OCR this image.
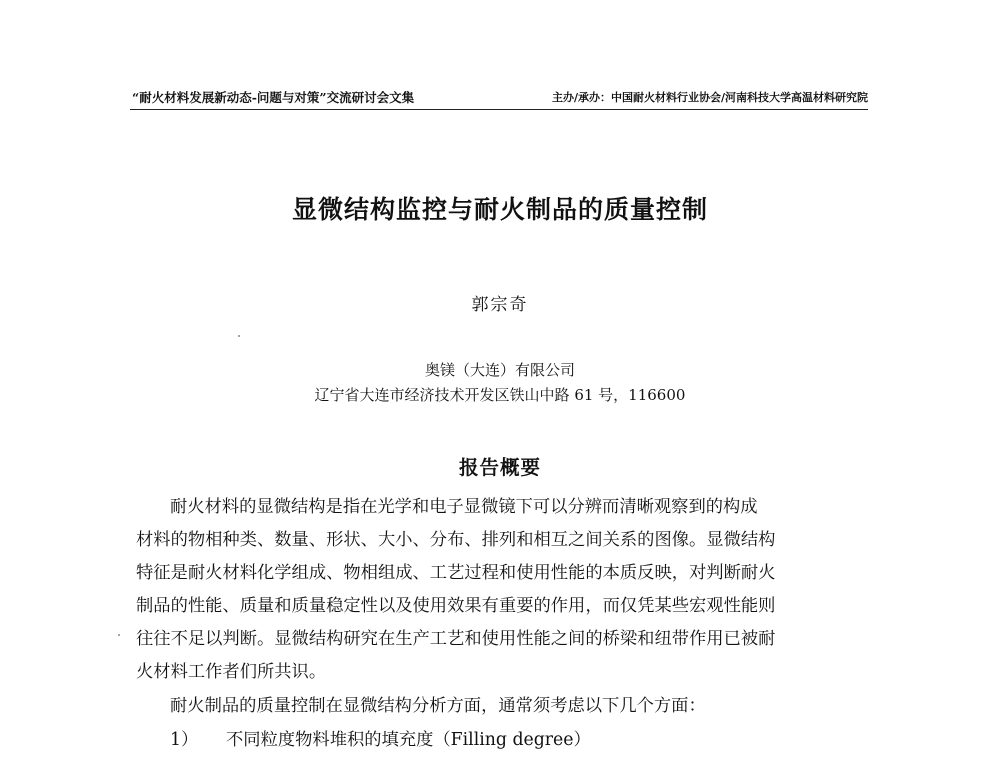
“耐火材料发展新动态-问题与对策”交流研讨会文集	主办/承办：中国耐火材料行业协会/河南科技大学高温材料研究院
显微结构监控与耐火制品的质量控制
郭宗奇
奥镁（大连）有限公司
辽宁省大连市经济技术开发区铁山中路 61 号，116600
报告概要
耐火材料的显微结构是指在光学和电子显微镜下可以分辨而清晰观察到的构成
材料的物相种类、数量、形状、大小、分布、排列和相互之间关系的图像。显微结构
特征是耐火材料化学组成、物相组成、工艺过程和使用性能的本质反映，对判断耐火
制品的性能、质量和质量稳定性以及使用效果有重要的作用，而仅凭某些宏观性能则
往往不足以判断。显微结构研究在生产工艺和使用性能之间的桥梁和纽带作用已被耐
火材料工作者们所共识。
耐火制品的质量控制在显微结构分析方面，通常须考虑以下几个方面：
1） 不同粒度物料堆积的填充度（Filling degree）
